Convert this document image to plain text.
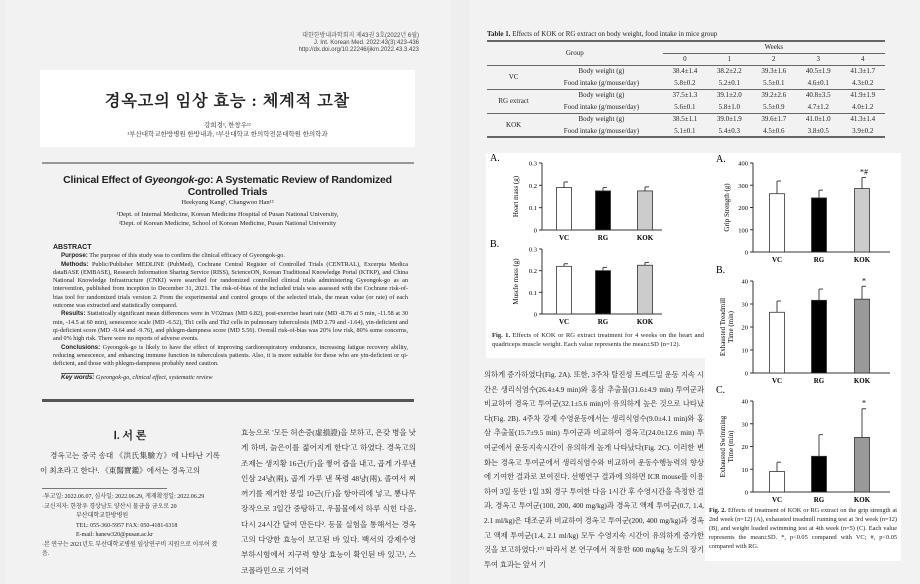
대한한방내과학회지 제43권 3호(2022년 6월)
J. Int. Korean Med. 2022:43(3):423-436
http://dx.doi.org/10.22246/jikm.2022.43.3.423
경옥고의 임상 효능 : 체계적 고찰
강희경¹, 한창우¹²
¹부산대학교한방병원 한방내과, ²부산대학교 한의학전문대학원 한의학과
Clinical Effect of Gyeongok-go: A Systematic Review of Randomized Controlled Trials
Heekyung Kang¹, Changwoo Han¹²
¹Dept. of Internal Medicine, Korean Medicine Hospital of Pusan National University,
²Dept. of Korean Medicine, School of Korean Medicine, Pusan National University
ABSTRACT
Purpose: The purpose of this study was to confirm the clinical efficacy of Gyeongok-go.
Methods: Public/Publisher MEDLINE (PubMed), Cochrane Central Register of Controlled Trials (CENTRAL), Excerpta Medica dataBASE (EMBASE), Research Information Sharing Service (RISS), ScienceON, Korean Traditional Knowledge Portal (KTKP), and China National Knowledge Infrastructure (CNKI) were searched for randomized controlled clinical trials administering Gyeongok-go as an intervention, published from inception to December 31, 2021. The risk-of-bias of the included trials was assessed with the Cochrane risk-of-bias tool for randomized trials version 2. From the experimental and control groups of the selected trials, the mean value (or rate) of each outcome was extracted and statistically compared.
Results: Statistically significant mean differences were in VO2max (MD 6.82), post-exercise heart rate (MD -8.76 at 5 min, -11.58 at 30 min, -14.5 at 60 min), senescence scale (MD -6.52), Th1 cells and Th2 cells in pulmonary tuberculosis (MD 2.79 and -1.64), yin-deficient and qi-deficient score (MD -9.64 and -9.76), and phlegm-dampness score (MD 5.56). Overall risk-of-bias was 20% low risk, 80% some concerns, and 0% high risk. There were no reports of adverse events.
Conclusions: Gyeongok-go is likely to have the effect of improving cardiorespiratory endurance, increasing fatigue recovery ability, reducing senescence, and enhancing immune function in tuberculosis patients. Also, it is more suitable for those who are yin-deficient or qi-deficient, and those with phlegm-dampness probably need caution.
Key words: Gyeongok-go, clinical effect, systematic review
Ⅰ. 서 론
경옥고는 중국 송대 《洪氏集驗方》에 나타난 기록이 최초라고 한다¹. 《東醫寶鑑》에서는 경옥고의
·투고일: 2022.06.07, 심사일: 2022.06.29, 게재확정일: 2022.06.29
·교신저자: 한창우 경상남도 양산시 물금읍 금오로 20
부산대학교한방병원
TEL: 055-360-5957 FAX: 050-4181-6318
E-mail: hanew320@pusan.ac.kr
·본 연구는 2021년도 부산대학교병원 임상연구비 지원으로 이루어 졌음.
효능으로 '모든 허손증(虛損證)을 보하고, 온갖 병을 낫게 하며, 늙은이를 젊어지게 한다'고 하였다. 경옥고의 조제는 생지황 16근(斤)을 찧어 즙을 내고, 곱게 가루낸 인삼 24냥(兩), 곱게 가루 낸 복령 48냥(兩), 졸여서 찌꺼기를 제거한 봉밀 10근(斤)을 항아리에 넣고, 뽕나무장작으로 3일간 중탕하고, 우물물에서 하루 식힌 다음, 다시 24시간 달여 만든다². 동물 실험을 통해서는 경옥고의 다양한 효능이 보고된 바 있다. 백서의 강제수영부하시험에서 지구력 향상 효능이 확인된 바 있고³, 스코폴라민으로 기억력
Table 1. Effects of KOK or RG extract on body weight, food intake in mice group
Group		Weeks				
		0	1	2	3	4
VC	Body weight (g)	38.4±1.4	38.2±2.2	39.3±1.6	40.5±1.9	41.3±1.7
	Food intake (g/mouse/day)	5.8±0.2	5.2±0.1	5.5±0.1	4.6±0.1	4.3±0.2
RG extract	Body weight (g)	37.5±1.3	39.1±2.0	39.2±2.6	40.8±3.5	41.9±1.9
	Food intake (g/mouse/day)	5.6±0.1	5.8±1.0	5.5±0.9	4.7±1.2	4.0±1.2
KOK	Body weight (g)	38.5±1.1	39.0±1.9	39.6±1.7	41.0±1.0	41.3±1.4
	Food intake (g/mouse/day)	5.1±0.1	5.4±0.3	4.5±0.6	3.8±0.5	3.9±0.2
Fig. 1. Effects of KOK or RG extract treatment for 4 weeks on the heart and quadriceps muscle weight. Each value represents the mean±SD (n=12).
Fig. 2. Effects of treatment of KOK or RG extract on the grip strength at 2nd week (n=12) (A), exhausted treadmill running test at 3rd week (n=12) (B), and weight loaded swimming test at 4th week (n=5) (C). Each value represents the mean±SD. *, p<0.05 compared with VC; #, p<0.05 compared with RG.
A.
0
0.1
0.2
0.3
Heart mass (g)
VC	RG	KOK
B.
0
0.1
0.2
0.3
Muscle mass (g)
VC	RG	KOK
A.
0
100
200
300
400
Grip Strength (g)
VC	RG	KOK
*#
B.
0
10
20
30
40
Exhausted Treadmill Time (min)
VC	RG	KOK
*
C.
0
10
20
30
40
Exhausted Swimming Time (min)
VC	RG	KOK
*
의하게 증가하였다(Fig. 2A). 또한, 3주차 탈진성 트레드밀 운동 지속 시간은 생리식염수(26.4±4.9 min)와 홍삼 추출물(31.6±4.9 min) 투여군과 비교하여 경옥고 투여군(32.1±5.6 min)이 유의하게 높은 것으로 나타났다(Fig. 2B). 4주차 강제 수영운동에서는 생리식염수(9.0±4.1 min)와 홍삼 추출물(15.7±9.5 min) 투여군과 비교하여 경옥고(24.0±12.6 min) 투여군에서 운동지속시간이 유의하게 높게 나타났다(Fig. 2C). 이러한 변화는 경옥고 투여군에서 생리식염수와 비교하여 운동수행능력의 향상에 기여한 결과로 보여진다. 선행연구 결과에 의하면 ICR mouse를 이용하여 3일 동안 1일 3회 경구 투여한 다음 1시간 후 수영시간을 측정한 결과, 경옥고 투여군(100, 200, 400 mg/kg)과 경옥고 액제 투여군(0.7, 1.4, 2.1 ml/kg)은 대조군과 비교하여 경옥고 투여군(200, 400 mg/kg)과 경옥고 액제 투여군(1.4, 2.1 ml/kg) 모두 수영지속 시간이 유의하게 증가한 것을 보고하였다.¹⁷⁾ 따라서 본 연구에서 적용한 600 mg/kg 농도의 장기 투여 효과는 앞서 기
